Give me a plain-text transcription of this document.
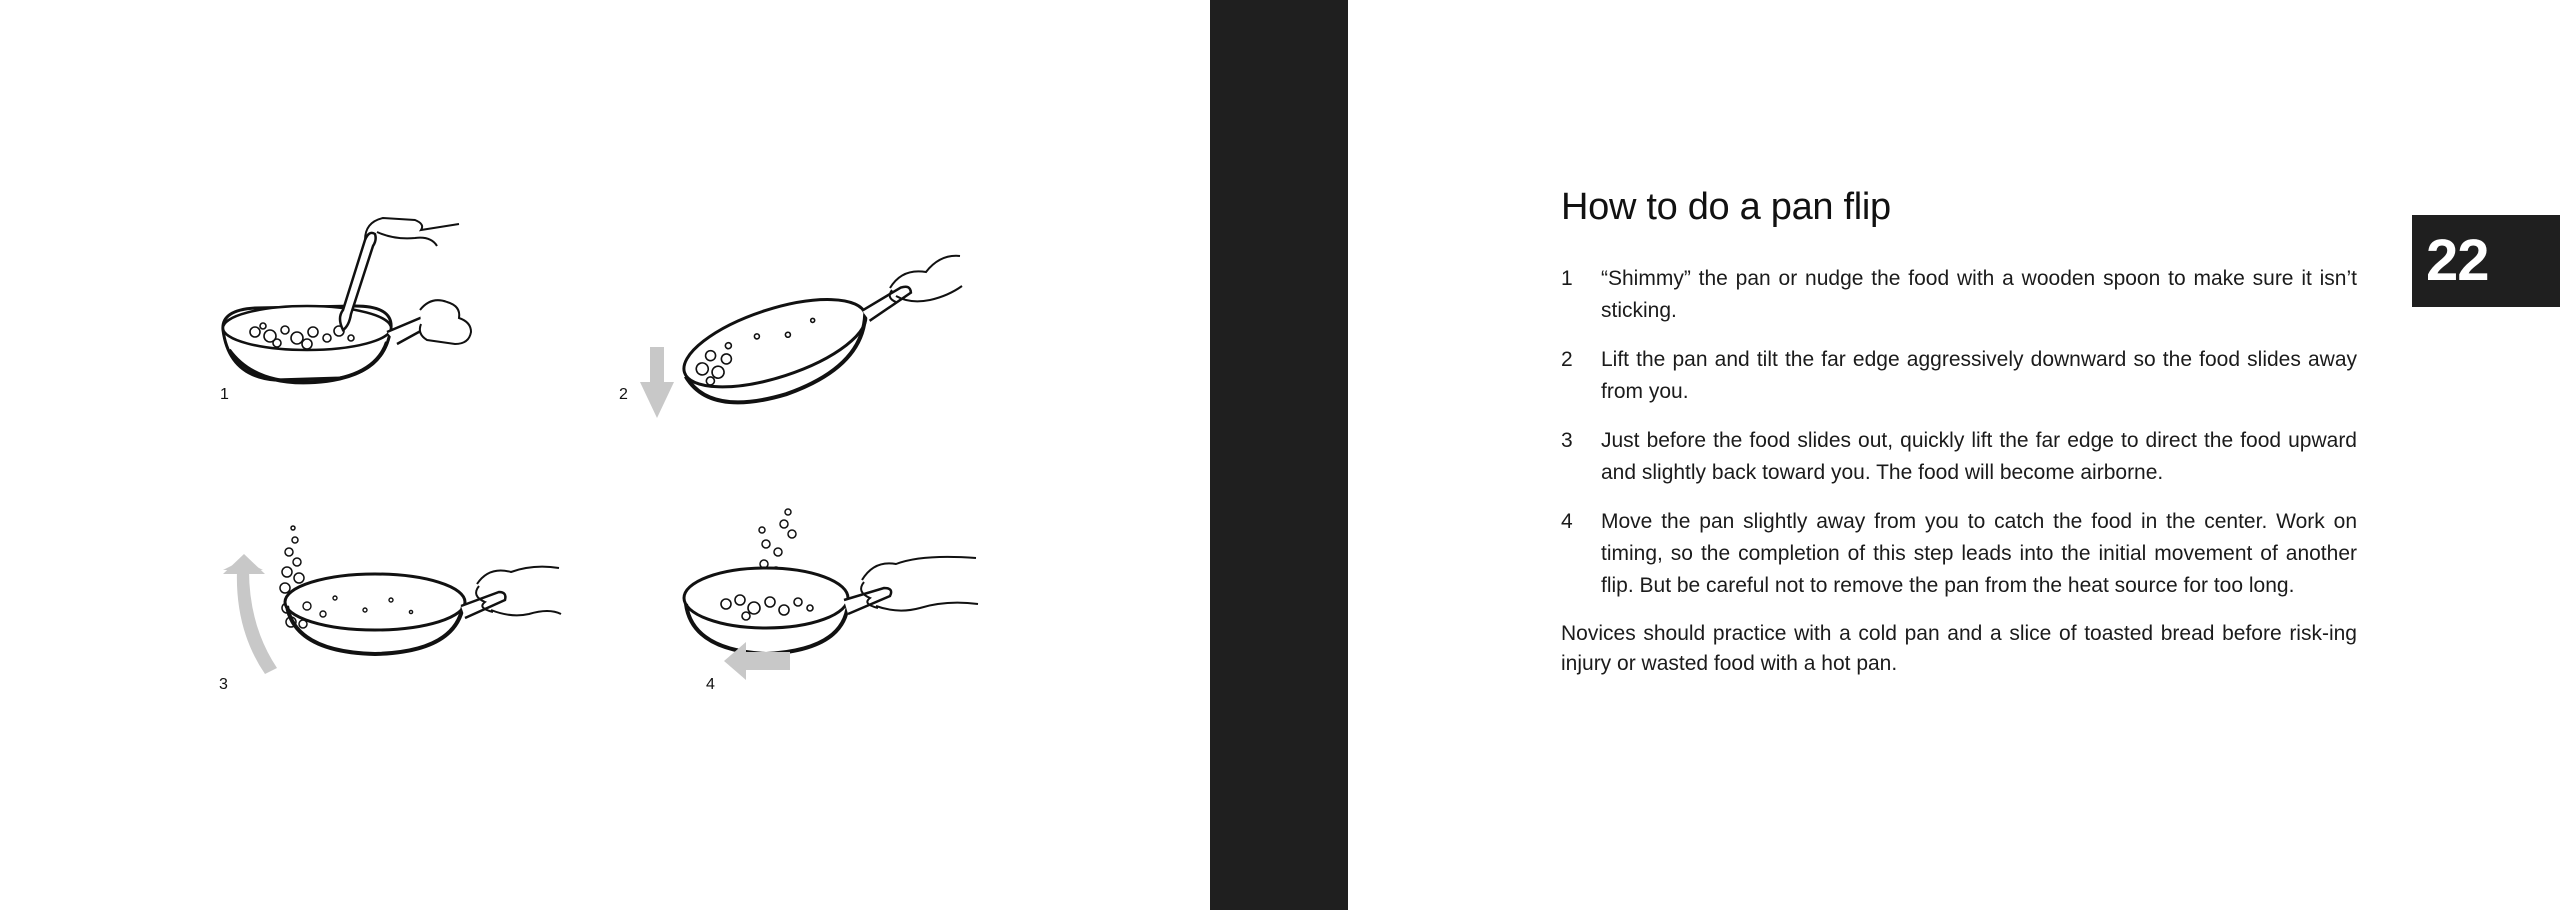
1	2
3	4
How to do a pan flip
1 “Shimmy” the pan or nudge the food with a wooden spoon to make sure it isn’t sticking.
2 Lift the pan and tilt the far edge aggressively downward so the food slides away from you.
3 Just before the food slides out, quickly lift the far edge to direct the food upward and slightly back toward you. The food will become airborne.
4 Move the pan slightly away from you to catch the food in the center. Work on timing, so the completion of this step leads into the initial movement of another flip. But be careful not to remove the pan from the heat source for too long.

Novices should practice with a cold pan and a slice of toasted bread before risk-ing injury or wasted food with a hot pan.

22
